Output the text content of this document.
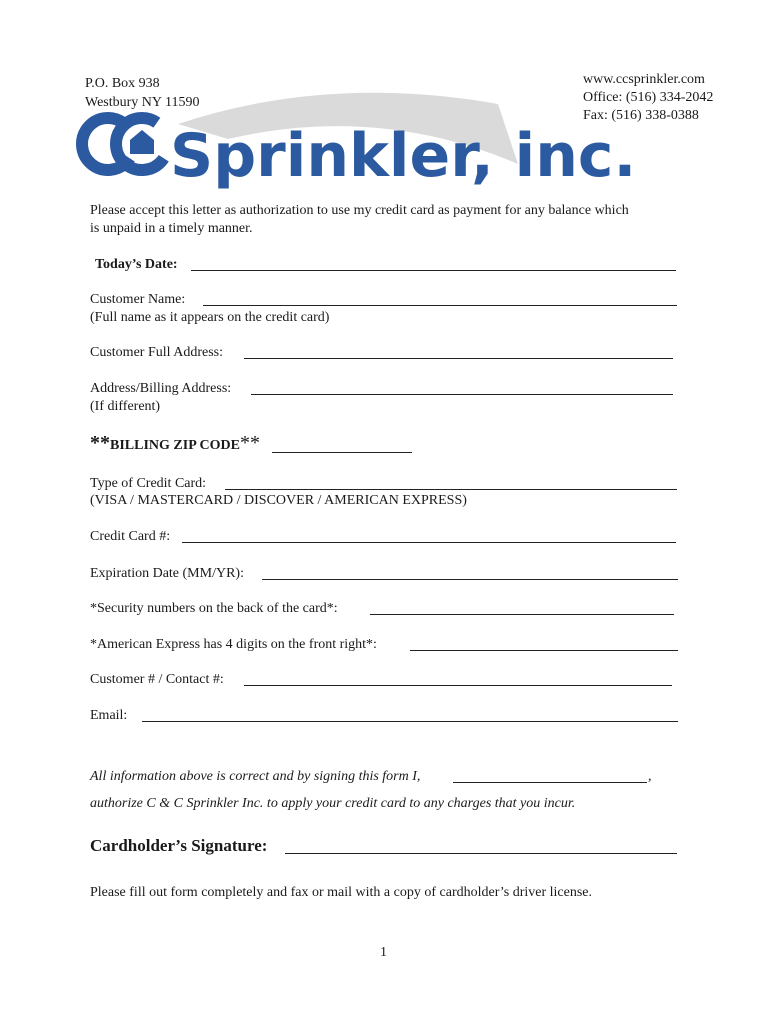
P.O. Box 938
Westbury NY 11590
www.ccsprinkler.com
Office: (516) 334-2042
Fax: (516) 338-0388
Sprinkler, inc.
Please accept this letter as authorization to use my credit card as payment for any balance which
is unpaid in a timely manner.
Today’s Date:
Customer Name:
(Full name as it appears on the credit card)
Customer Full Address:
Address/Billing Address:
(If different)
**BILLING ZIP CODE**
Type of Credit Card:
(VISA / MASTERCARD / DISCOVER / AMERICAN EXPRESS)
Credit Card #:
Expiration Date (MM/YR):
*Security numbers on the back of the card*:
*American Express has 4 digits on the front right*:
Customer # / Contact #:
Email:
All information above is correct and by signing this form I,	,
authorize C & C Sprinkler Inc. to apply your credit card to any charges that you incur.
Cardholder’s Signature:
Please fill out form completely and fax or mail with a copy of cardholder’s driver license.
1
